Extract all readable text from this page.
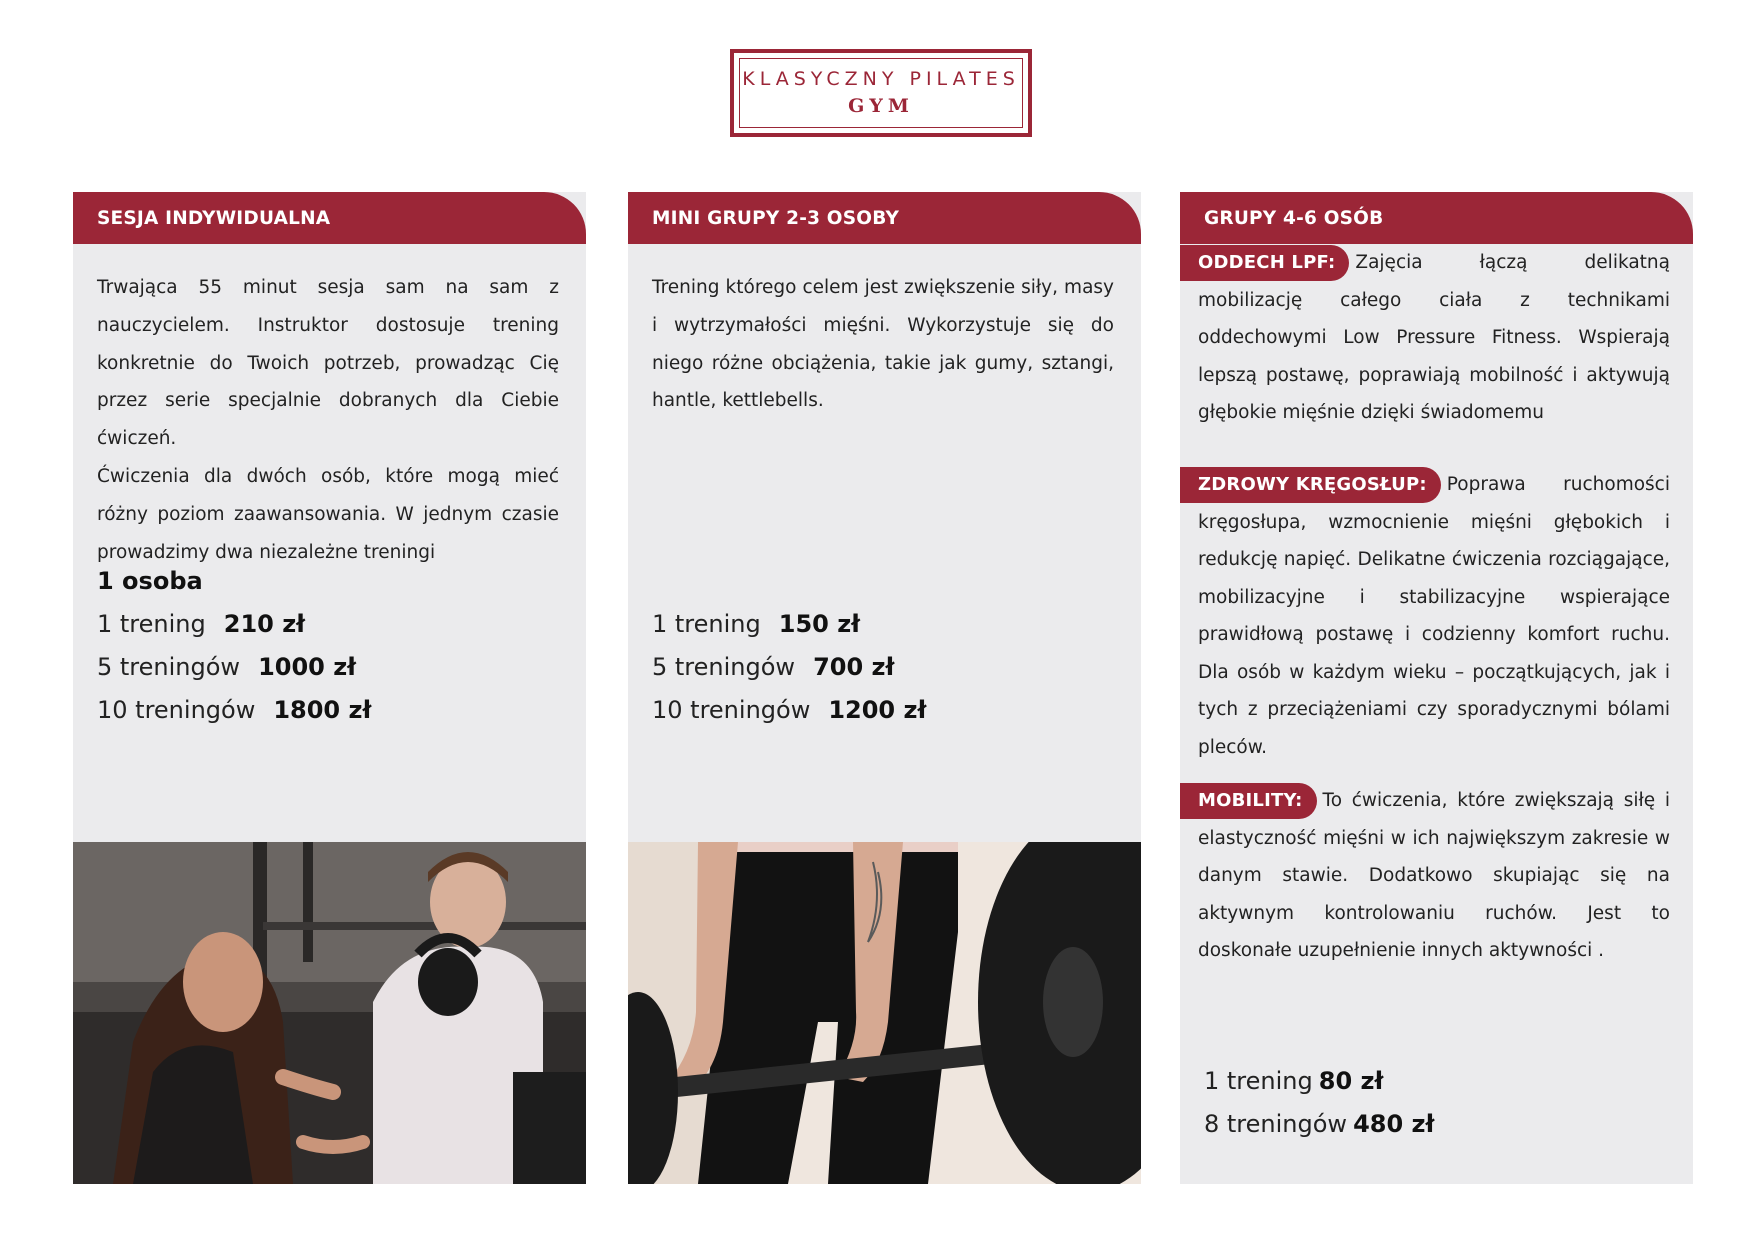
KLASYCZNY PILATES
GYM
SESJA INDYWIDUALNA

Trwająca 55 minut sesja sam na sam z nauczycielem. Instruktor dostosuje trening konkretnie do Twoich potrzeb, prowadząc Cię przez serie specjalnie dobranych dla Ciebie ćwiczeń.

Ćwiczenia dla dwóch osób, które mogą mieć różny poziom zaawansowania. W jednym czasie prowadzimy dwa niezależne treningi

1 osoba
1 trening 210 zł
5 treningów 1000 zł
10 treningów 1800 zł
MINI GRUPY 2-3 OSOBY

Trening którego celem jest zwiększenie siły, masy i wytrzymałości mięśni. Wykorzystuje się do niego różne obciążenia, takie jak gumy, sztangi, hantle, kettlebells.

1 trening 150 zł
5 treningów 700 zł
10 treningów 1200 zł
GRUPY 4-6 OSÓB
ODDECH LPF: Zajęcia łączą delikatną mobilizację całego ciała z technikami oddechowymi Low Pressure Fitness. Wspierają lepszą postawę, poprawiają mobilność i aktywują głębokie mięśnie dzięki świadomemu
ZDROWY KRĘGOSŁUP: Poprawa ruchomości kręgosłupa, wzmocnienie mięśni głębokich i redukcję napięć. Delikatne ćwiczenia rozciągające, mobilizacyjne i stabilizacyjne wspierające prawidłową postawę i codzienny komfort ruchu. Dla osób w każdym wieku – początkujących, jak i tych z przeciążeniami czy sporadycznymi bólami pleców.
MOBILITY: To ćwiczenia, które zwiększają siłę i elastyczność mięśni w ich największym zakresie w danym stawie. Dodatkowo skupiając się na aktywnym kontrolowaniu ruchów. Jest to doskonałe uzupełnienie innych aktywności .
1 trening 80 zł
8 treningów 480 zł
